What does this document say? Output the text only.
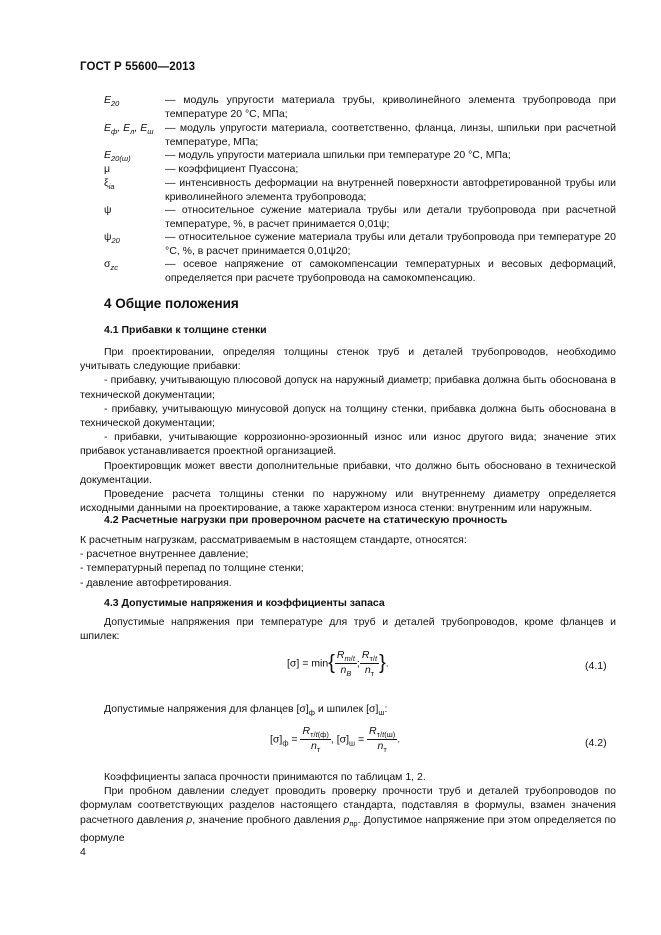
ГОСТ Р 55600—2013
$E_{20}$	— модуль упругости материала трубы, криволинейного элемента трубопровода при температуре 20 °С, МПа;
$E_ф$, $E_л$, $E_ш$ — модуль упругости материала, соответственно, фланца, линзы, шпильки при расчетной температуре, МПа;
$E_{20(ш)}$	— модуль упругости материала шпильки при температуре 20 °С, МПа;
μ	— коэффициент Пуассона;
$\xi_{ia}$	— интенсивность деформации на внутренней поверхности автофретированной трубы или криволинейного элемента трубопровода;
ψ	— относительное сужение материала трубы или детали трубопровода при расчетной температуре, %, в расчет принимается 0,01ψ;
$\psi_{20}$	— относительное сужение материала трубы или детали трубопровода при температуре 20 °С, %, в расчет принимается 0,01ψ20;
$\sigma_{zc}$	— осевое напряжение от самокомпенсации температурных и весовых деформаций, определяется при расчете трубопровода на самокомпенсацию.
4 Общие положения
4.1 Прибавки к толщине стенки
При проектировании, определяя толщины стенок труб и деталей трубопроводов, необходимо учитывать следующие прибавки:
- прибавку, учитывающую плюсовой допуск на наружный диаметр; прибавка должна быть обоснована в технической документации;
- прибавку, учитывающую минусовой допуск на толщину стенки, прибавка должна быть обоснована в технической документации;
- прибавки, учитывающие коррозионно-эрозионный износ или износ другого вида; значение этих прибавок устанавливается проектной организацией.
Проектировщик может ввести дополнительные прибавки, что должно быть обосновано в технической документации.
Проведение расчета толщины стенки по наружному или внутреннему диаметру определяется исходными данными на проектирование, а также характером износа стенки: внутренним или наружным.
4.2 Расчетные нагрузки при проверочном расчете на статическую прочность
К расчетным нагрузкам, рассматриваемым в настоящем стандарте, относятся:
- расчетное внутреннее давление;
- температурный перепад по толщине стенки;
- давление автофретирования.
4.3 Допустимые напряжения и коэффициенты запаса
Допустимые напряжения при температуре для труб и деталей трубопроводов, кроме фланцев и шпилек:
$[\sigma] = \min\{ \frac{R_{m/t}}{n_B}$ ; $\frac{R_{т/t}}{n_т}$ }.	(4.1)
Допустимые напряжения для фланцев $[\sigma]_ф$ и шпилек $[\sigma]_ш$:
$[\sigma]_ф = \frac{R_{т/t(ф)}}{n_т}$ , $[\sigma]_ш = \frac{R_{т/t(ш)}}{n_т}$ .	(4.2)
Коэффициенты запаса прочности принимаются по таблицам 1, 2.
При пробном давлении следует проводить проверку прочности труб и деталей трубопроводов по формулам соответствующих разделов настоящего стандарта, подставляя в формулы, взамен значения расчетного давления p, значение пробного давления $p_{пр}$. Допустимое напряжение при этом определяется по формуле
4
